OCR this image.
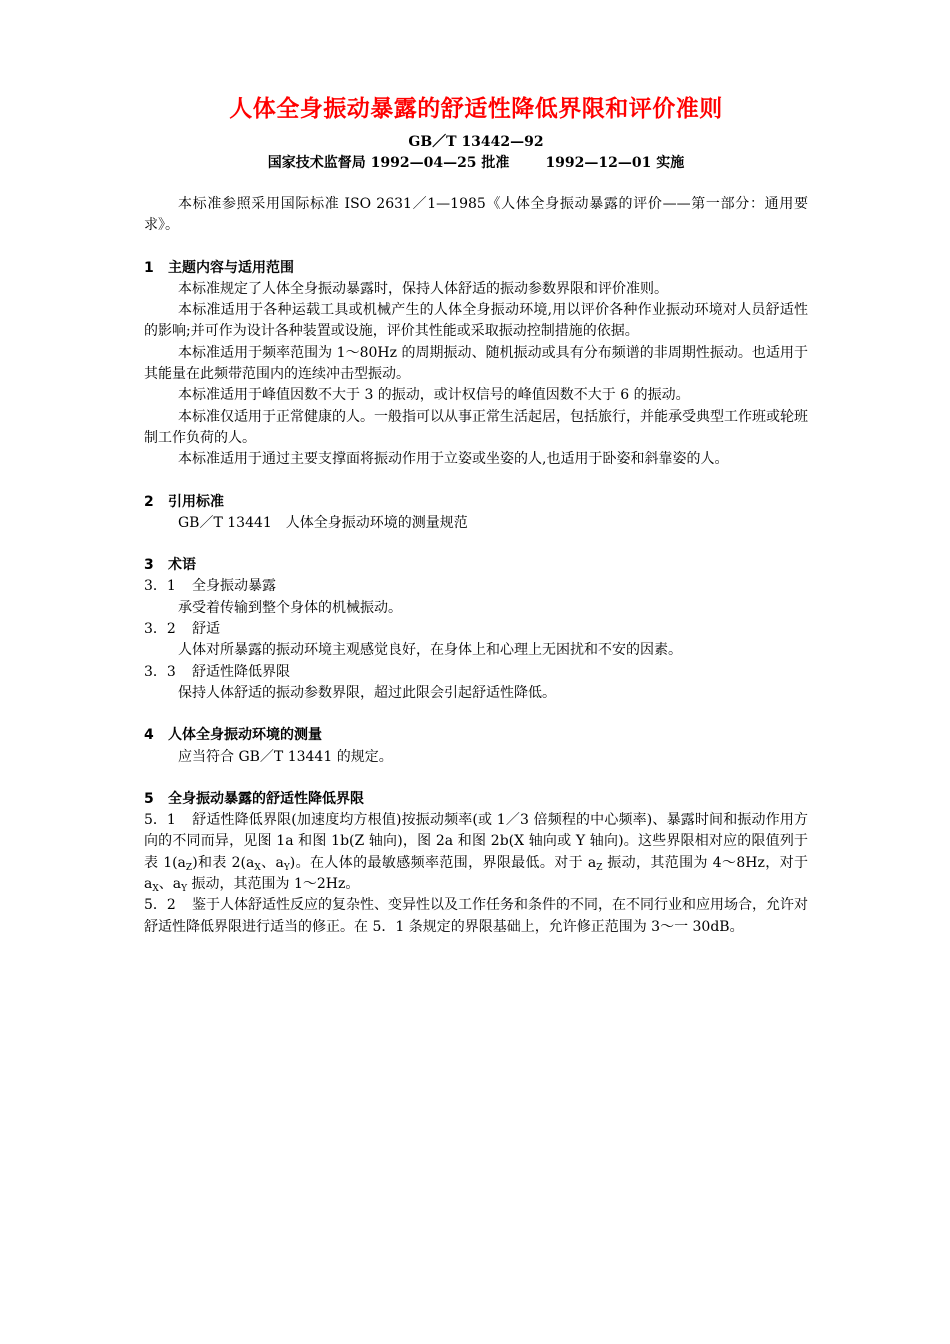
人体全身振动暴露的舒适性降低界限和评价准则
GB／T 13442—92
国家技术监督局 1992—04—25 批准	1992—12—01 实施

本标准参照采用国际标准 ISO 2631／1—1985《人体全身振动暴露的评价——第一部分：通用要求》。

1 主题内容与适用范围

本标准规定了人体全身振动暴露时，保持人体舒适的振动参数界限和评价准则。

本标准适用于各种运载工具或机械产生的人体全身振动环境,用以评价各种作业振动环境对人员舒适性的影响;并可作为设计各种装置或设施，评价其性能或采取振动控制措施的依据。

本标准适用于频率范围为 1～80Hz 的周期振动、随机振动或具有分布频谱的非周期性振动。也适用于其能量在此频带范围内的连续冲击型振动。

本标准适用于峰值因数不大于 3 的振动，或计权信号的峰值因数不大于 6 的振动。

本标准仅适用于正常健康的人。一般指可以从事正常生活起居，包括旅行，并能承受典型工作班或轮班制工作负荷的人。

本标准适用于通过主要支撑面将振动作用于立姿或坐姿的人,也适用于卧姿和斜靠姿的人。

2 引用标准

GB／T 13441　人体全身振动环境的测量规范

3 术语
3．1 全身振动暴露

承受着传输到整个身体的机械振动。

3．2 舒适

人体对所暴露的振动环境主观感觉良好，在身体上和心理上无困扰和不安的因素。

3．3 舒适性降低界限

保持人体舒适的振动参数界限，超过此限会引起舒适性降低。

4 人体全身振动环境的测量

应当符合 GB／T 13441 的规定。

5 全身振动暴露的舒适性降低界限

5．1 舒适性降低界限(加速度均方根值)按振动频率(或 1／3 倍频程的中心频率)、暴露时间和振动作用方向的不同而异，见图 1a 和图 1b(Z 轴向)，图 2a 和图 2b(X 轴向或 Y 轴向)。这些界限相对应的限值列于表 $1(a_Z)$和表 $2(a_X$、$a_Y$)。在人体的最敏感频率范围，界限最低。对于 $a_Z$ 振动，其范围为 4～8Hz，对于 $a_X$、$a_Y$ 振动，其范围为 1～2Hz。

5．2 鉴于人体舒适性反应的复杂性、变异性以及工作任务和条件的不同，在不同行业和应用场合，允许对舒适性降低界限进行适当的修正。在 5．1 条规定的界限基础上，允许修正范围为 3～一 30dB。
